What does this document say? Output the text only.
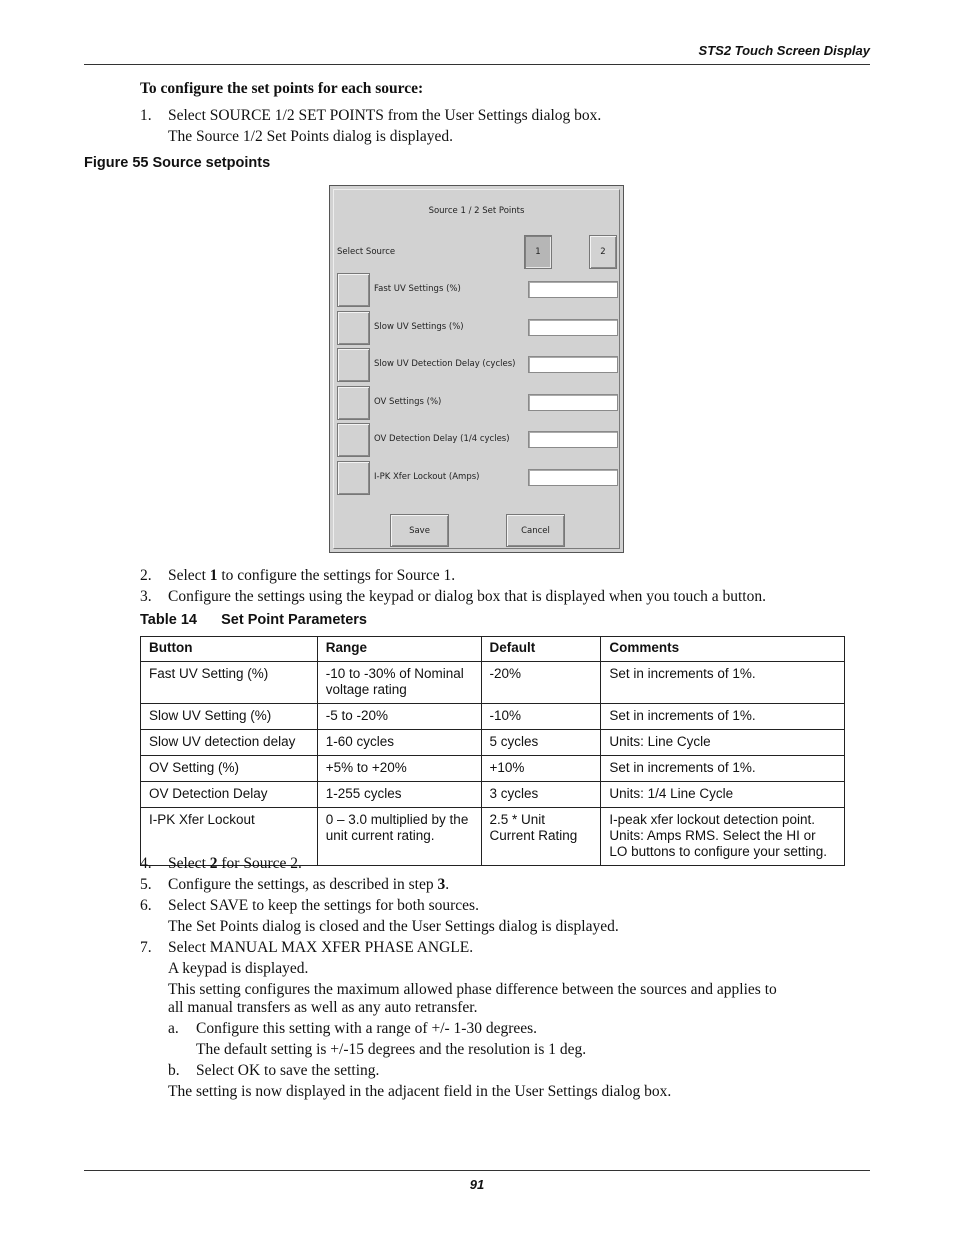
STS2 Touch Screen Display
To configure the set points for each source:
1. Select SOURCE 1/2 SET POINTS from the User Settings dialog box.
The Source 1/2 Set Points dialog is displayed.
Figure 55 Source setpoints
Source 1 / 2 Set Points
Select Source	1	2
Fast UV Settings (%)
Slow UV Settings (%)
Slow UV Detection Delay (cycles)
OV Settings (%)
OV Detection Delay (1/4 cycles)
I-PK Xfer Lockout (Amps)
Save	Cancel
2. Select 1 to configure the settings for Source 1.
3. Configure the settings using the keypad or dialog box that is displayed when you touch a button.
Table 14      Set Point Parameters
Button	Range	Default	Comments
Fast UV Setting (%)	-10 to -30% of Nominal voltage rating	-20%	Set in increments of 1%.
Slow UV Setting (%)	-5 to -20%	-10%	Set in increments of 1%.
Slow UV detection delay	1-60 cycles	5 cycles	Units: Line Cycle
OV Setting (%)	+5% to +20%	+10%	Set in increments of 1%.
OV Detection Delay	1-255 cycles	3 cycles	Units: 1/4 Line Cycle
I-PK Xfer Lockout	0 – 3.0 multiplied by the unit current rating.	2.5 * Unit Current Rating	I-peak xfer lockout detection point. Units: Amps RMS. Select the HI or LO buttons to configure your setting.
4. Select 2 for Source 2.
5. Configure the settings, as described in step 3.
6. Select SAVE to keep the settings for both sources.
The Set Points dialog is closed and the User Settings dialog is displayed.
7. Select MANUAL MAX XFER PHASE ANGLE.
A keypad is displayed.
This setting configures the maximum allowed phase difference between the sources and applies to
all manual transfers as well as any auto retransfer.
a. Configure this setting with a range of +/- 1-30 degrees.
The default setting is +/-15 degrees and the resolution is 1 deg.
b. Select OK to save the setting.
The setting is now displayed in the adjacent field in the User Settings dialog box.
91
